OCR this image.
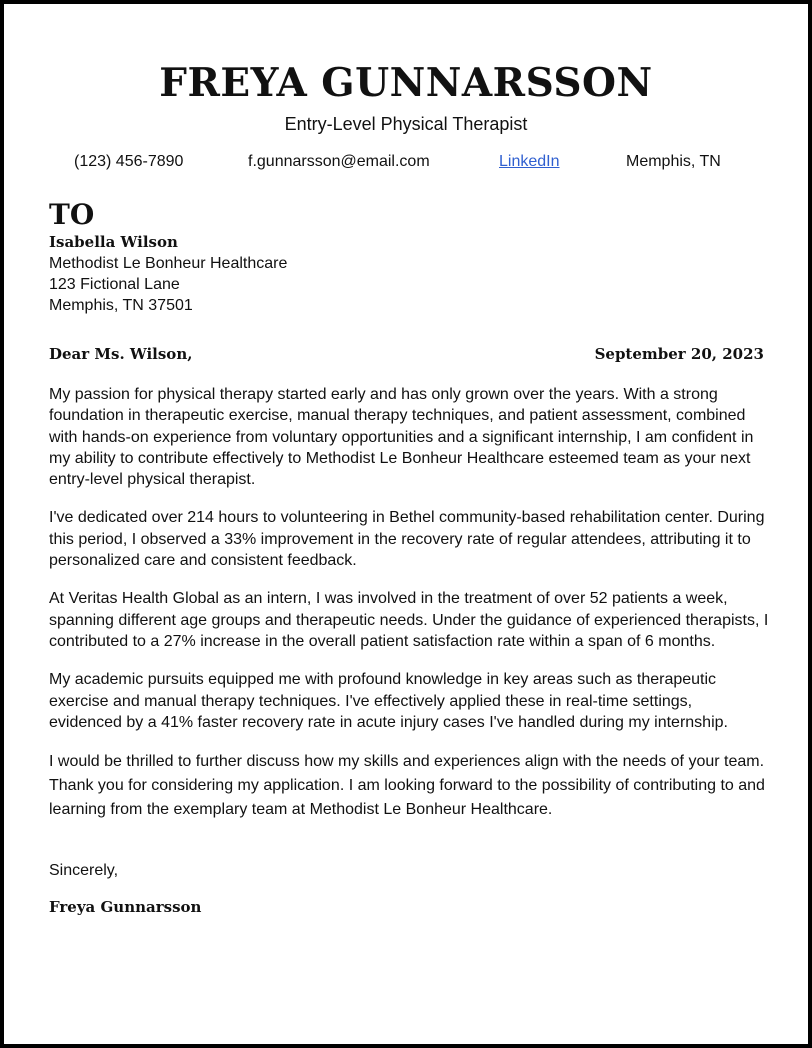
FREYA GUNNARSSON
Entry-Level Physical Therapist
(123) 456-7890	f.gunnarsson@email.com	LinkedIn	Memphis, TN
TO
Isabella Wilson
Methodist Le Bonheur Healthcare
123 Fictional Lane
Memphis, TN 37501
Dear Ms. Wilson,	September 20, 2023

My passion for physical therapy started early and has only grown over the years. With a strong foundation in therapeutic exercise, manual therapy techniques, and patient assessment, combined with hands-on experience from voluntary opportunities and a significant internship, I am confident in my ability to contribute effectively to Methodist Le Bonheur Healthcare esteemed team as your next entry-level physical therapist.

I've dedicated over 214 hours to volunteering in Bethel community-based rehabilitation center. During this period, I observed a 33% improvement in the recovery rate of regular attendees, attributing it to personalized care and consistent feedback.

At Veritas Health Global as an intern, I was involved in the treatment of over 52 patients a week, spanning different age groups and therapeutic needs. Under the guidance of experienced therapists, I contributed to a 27% increase in the overall patient satisfaction rate within a span of 6 months.

My academic pursuits equipped me with profound knowledge in key areas such as therapeutic exercise and manual therapy techniques. I've effectively applied these in real-time settings, evidenced by a 41% faster recovery rate in acute injury cases I've handled during my internship.

I would be thrilled to further discuss how my skills and experiences align with the needs of your team. Thank you for considering my application. I am looking forward to the possibility of contributing to and learning from the exemplary team at Methodist Le Bonheur Healthcare.

Sincerely,
Freya Gunnarsson
